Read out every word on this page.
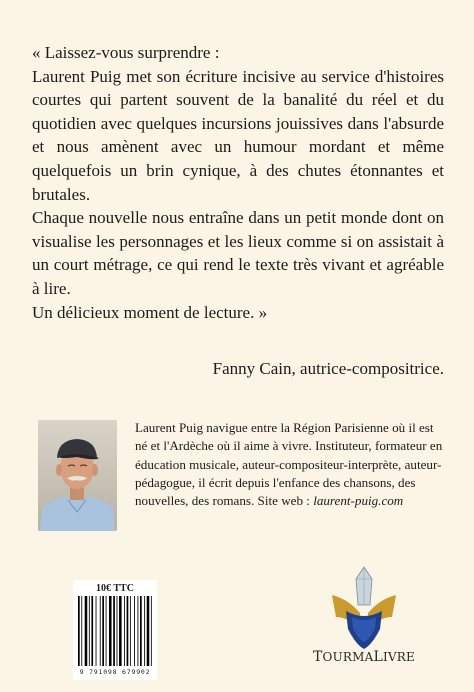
« Laissez-vous surprendre :

Laurent Puig met son écriture incisive au service d'histoires courtes qui partent souvent de la banalité du réel et du quotidien avec quelques incursions jouissives dans l'absurde et nous amènent avec un humour mordant et même quelquefois un brin cynique, à des chutes étonnantes et brutales.

Chaque nouvelle nous entraîne dans un petit monde dont on visualise les personnages et les lieux comme si on assistait à un court métrage, ce qui rend le texte très vivant et agréable à lire.

Un délicieux moment de lecture. »

Fanny Cain, autrice-compositrice.
Laurent Puig navigue entre la Région Parisienne où il est né et l'Ardèche où il aime à vivre. Instituteur, formateur en éducation musicale, auteur-compositeur-interprète, auteur-pédagogue, il écrit depuis l'enfance des chansons, des nouvelles, des romans. Site web : laurent-puig.com
10€ TTC
9 791098 679902
TOURMALIVRE
